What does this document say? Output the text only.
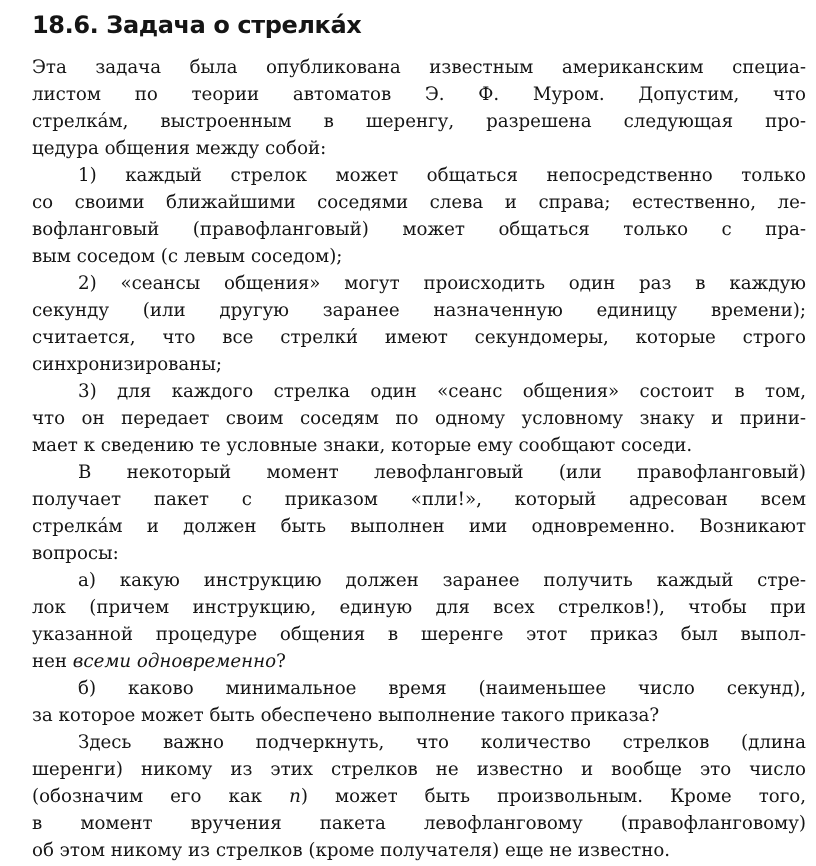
18.6. Задача о стрелка́х
Эта задача была опубликована известным американским специа-
листом по теории автоматов Э. Ф. Муром. Допустим, что
стрелка́м, выстроенным в шеренгу, разрешена следующая про-
цедура общения между собой:
1) каждый стрелок может общаться непосредственно только
со своими ближайшими соседями слева и справа; естественно, ле-
вофланговый (правофланговый) может общаться только с пра-
вым соседом (с левым соседом);
2) «сеансы общения» могут происходить один раз в каждую
секунду (или другую заранее назначенную единицу времени);
считается, что все стрелки́ имеют секундомеры, которые строго
синхронизированы;
3) для каждого стрелка один «сеанс общения» состоит в том,
что он передает своим соседям по одному условному знаку и прини-
мает к сведению те условные знаки, которые ему сообщают соседи.
В некоторый момент левофланговый (или правофланговый)
получает пакет с приказом «пли!», который адресован всем
стрелка́м и должен быть выполнен ими одновременно. Возникают
вопросы:
а) какую инструкцию должен заранее получить каждый стре-
лок (причем инструкцию, единую для всех стрелков!), чтобы при
указанной процедуре общения в шеренге этот приказ был выпол-
нен всеми одновременно?
б) каково минимальное время (наименьшее число секунд),
за которое может быть обеспечено выполнение такого приказа?
Здесь важно подчеркнуть, что количество стрелков (длина
шеренги) никому из этих стрелков не известно и вообще это число
(обозначим его как n) может быть произвольным. Кроме того,
в момент вручения пакета левофланговому (правофланговому)
об этом никому из стрелков (кроме получателя) еще не известно.
